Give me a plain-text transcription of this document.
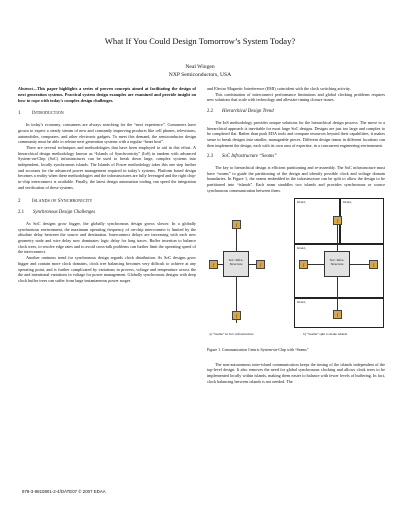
What If You Could Design Tomorrow’s System Today?
Neal Wingen
NXP Semiconductors, USA
Abstract—This paper highlights a series of proven concepts aimed at facilitating the design of next generation systems. Practical system design examples are examined and provide insight on how to cope with today’s complex design challenges.
1 Introduction

In today’s economy, consumers are always searching for the “next experience”. Consumers have grown to expect a steady stream of new and constantly improving products like cell phones, televisions, automobiles, computers, and other electronic gadgets. To meet this demand, the semiconductor design community must be able to release next generation systems with a regular “heart beat”.

There are several techniques and methodologies that have been employed to aid in this effort. A hierarchical design methodology known as “Islands of Synchronicity” (IoS) in tandem with advanced System-on-Chip (SoC) infrastructures can be used to break down large, complex systems into independent, locally synchronous islands. The Islands of Power methodology takes this one step further and accounts for the advanced power management required in today’s systems. Platform based design becomes a reality when these methodologies and the infrastructures are fully leveraged and the right chip-to-chip interconnect is available. Finally, the latest design automation tooling can speed the integration and verification of these systems.

2 Islands of Synchronicity
2.1 Synchronous Design Challenges

As SoC designs grow bigger, the globally synchronous design grows slower. In a globally synchronous environment, the maximum operating frequency of on-chip interconnect is limited by the absolute delay between the source and destination. Interconnect delays are increasing with each new geometry node and wire delay now dominates logic delay for long traces. Buffer insertion to balance clock trees, to resolve edge rates and to avoid cross-talk problems can further limit the operating speed of the interconnect.

Another ominous trend for synchronous design regards clock distribution. As SoC designs grow bigger and contain more clock domains, clock tree balancing becomes very difficult to achieve at any operating point, and is further complicated by variations in process, voltage and temperature across the die and intentional variations in voltage for power management. Globally synchronous designs with deep clock buffer trees can suffer from large instantaneous power surges

and Electro Magnetic Interference (EMI) coincident with the clock switching activity.

This combination of interconnect performance limitations and global clocking problems requires new solutions that scale with technology and alleviate timing closure issues.

2.2 Hierarchical Design Trend

The IoS methodology provides unique solutions for the hierarchical design process. The move to a hierarchical approach is inevitable for most large SoC designs. Designs are just too large and complex to be completed flat. Rather than push EDA tools and compute resources beyond their capabilities, it makes sense to break designs into smaller, manageable pieces. Different design teams in different locations can then implement the design, each with its own area of expertise, in a concurrent engineering environment.

2.3 SoC Infrastructure “Seams”

The key to hierarchical design is efficient partitioning and re-assembly. The SoC infrastructure must have “seams” to guide the partitioning of the design and identify possible clock and voltage domain boundaries. In Figure 1, the seams embedded in the infrastructure can be split to allow the design to be partitioned into “islands”. Each seam straddles two islands and provides synchronous or source synchronous communication between them.

f
f	f
f
SoC Infra-Structure
Island₁	Island₃
Island₂
Island₄
f
f	f
f
SoC Infra-Structure
a) “Seams” in SoC infrastructure	b) “Seams” split to make islands
Figure 1. Communication Centric System-on-Chip with “Seams”

The non-autonomous inter-island communication keeps the timing of the islands independent of the top-level design. It also removes the need for global synchronous clocking and allows clock trees to be implemented locally within islands, making them easier to balance with fewer levels of buffering. In fact, clock balancing between islands is not needed. The

978-3-9810801-2-4/DATE07 © 2007 EDAA
